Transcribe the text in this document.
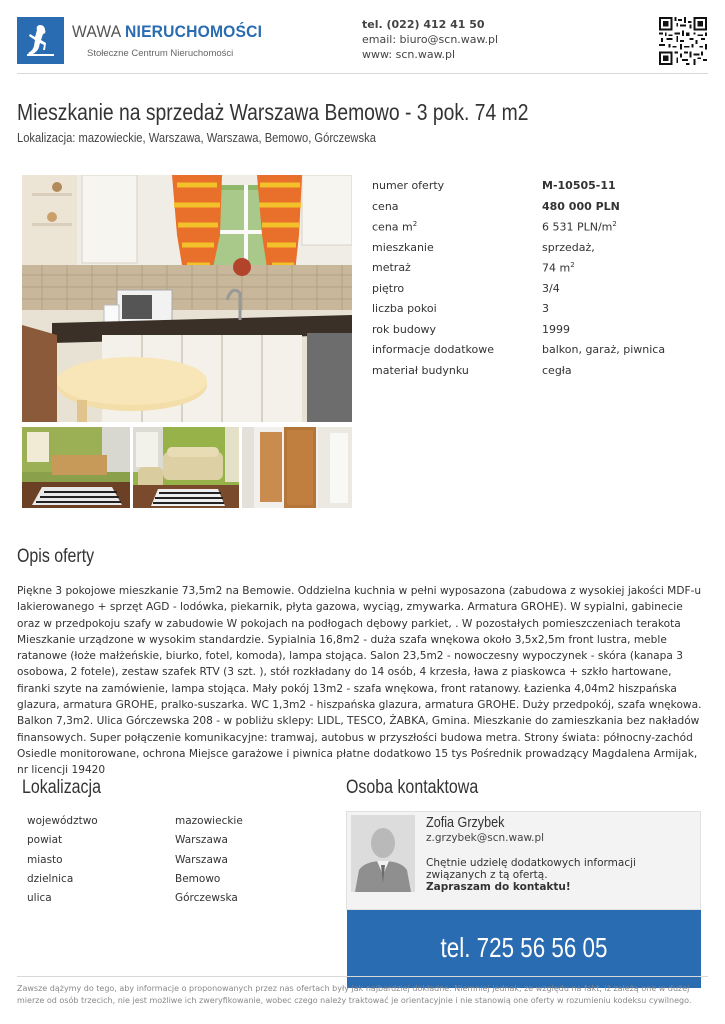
WAWA NIERUCHOMOŚCI
Stołeczne Centrum Nieruchomości
tel. (022) 412 41 50
email: biuro@scn.waw.pl
www: scn.waw.pl
Mieszkanie na sprzedaż Warszawa Bemowo - 3 pok. 74 m2
Lokalizacja: mazowieckie, Warszawa, Warszawa, Bemowo, Górczewska
numer oferty	M-10505-11
cena	480 000 PLN
cena $m^2$	6 531 PLN/$m^2$
mieszkanie	sprzedaż,
metraż	74 $m^2$
piętro	3/4
liczba pokoi	3
rok budowy	1999
informacje dodatkowe	balkon, garaż, piwnica
materiał budynku	cegła
Opis oferty

Piękne 3 pokojowe mieszkanie 73,5m2 na Bemowie. Oddzielna kuchnia w pełni wyposazona (zabudowa z wysokiej jakości MDF-u lakierowanego + sprzęt AGD - lodówka, piekarnik, płyta gazowa, wyciąg, zmywarka. Armatura GROHE). W sypialni, gabinecie oraz w przedpokoju szafy w zabudowie W pokojach na podłogach dębowy parkiet, . W pozostałych pomieszczeniach terakota Mieszkanie urządzone w wysokim standardzie. Sypialnia 16,8m2 - duża szafa wnękowa około 3,5x2,5m front lustra, meble ratanowe (łoże małżeńskie, biurko, fotel, komoda), lampa stojąca. Salon 23,5m2 - nowoczesny wypoczynek - skóra (kanapa 3 osobowa, 2 fotele), zestaw szafek RTV (3 szt. ), stół rozkładany do 14 osób, 4 krzesła, ława z piaskowca + szkło hartowane, firanki szyte na zamówienie, lampa stojąca. Mały pokój 13m2 - szafa wnękowa, front ratanowy. Łazienka 4,04m2 hiszpańska glazura, armatura GROHE, pralko-suszarka. WC 1,3m2 - hiszpańska glazura, armatura GROHE. Duży przedpokój, szafa wnękowa. Balkon 7,3m2. Ulica Górczewska 208 - w pobliżu sklepy: LIDL, TESCO, ŻABKA, Gmina. Mieszkanie do zamieszkania bez nakładów finansowych. Super połączenie komunikacyjne: tramwaj, autobus w przyszłości budowa metra. Strony świata: północny-zachód Osiedle monitorowane, ochrona Miejsce garażowe i piwnica płatne dodatkowo 15 tys Pośrednik prowadzący Magdalena Armijak, nr licencji 19420

Lokalizacja
województwo	mazowieckie
powiat	Warszawa
miasto	Warszawa
dzielnica	Bemowo
ulica	Górczewska
Osoba kontaktowa
Zofia Grzybek
z.grzybek@scn.waw.pl
Chętnie udzielę dodatkowych informacji związanych z tą ofertą.
Zapraszam do kontaktu!
tel. 725 56 56 05
Zawsze dążymy do tego, aby informacje o proponowanych przez nas ofertach były jak najbardziej dokładne. Niemniej jednak, ze względu na fakt, iż zależą one w dużej mierze od osób trzecich, nie jest możliwe ich zweryfikowanie, wobec czego należy traktować je orientacyjnie i nie stanowią one oferty w rozumieniu kodeksu cywilnego.
